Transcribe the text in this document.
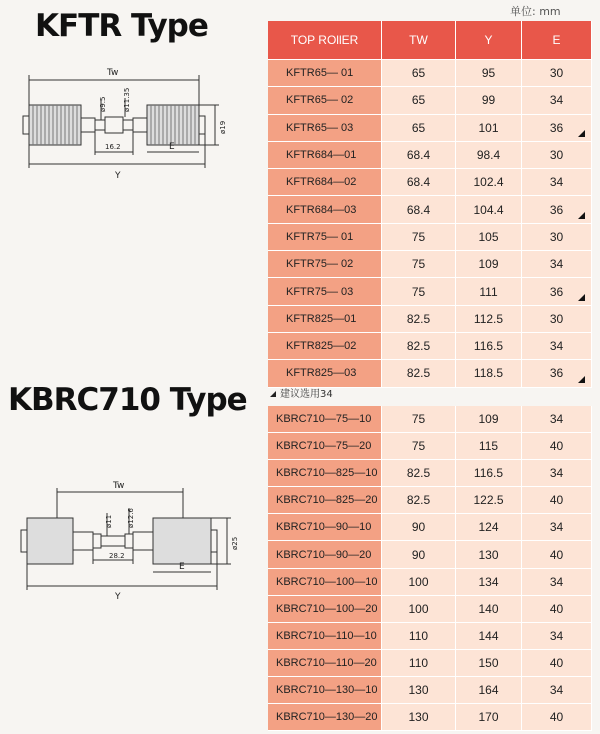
单位: mm
KFTR Type
Tw
ø9.5 ø11.35
ø19
16.2	E
Y
TOP ROllER	TW	Y	E
KFTR65— 01	65	95	30
KFTR65— 02	65	99	34
KFTR65— 03	65	101	36

KFTR684—01	68.4	98.4	30
KFTR684—02	68.4	102.4	34
KFTR684—03	68.4	104.4	36

KFTR75— 01	75	105	30
KFTR75— 02	75	109	34
KFTR75— 03	75	111	36

KFTR825—01	82.5	112.5	30
KFTR825—02	82.5	116.5	34
KFTR825—03	82.5	118.5	36
建议选用34
KBRC710 Type
Tw
ø11 ø12.6
ø25
28.2
E
Y
KBRC710—75—10	75	109	34
KBRC710—75—20	75	115	40
KBRC710—825—10	82.5	116.5	34
KBRC710—825—20	82.5	122.5	40
KBRC710—90—10	90	124	34
KBRC710—90—20	90	130	40
KBRC710—100—10	100	134	34
KBRC710—100—20	100	140	40
KBRC710—110—10	110	144	34
KBRC710—110—20	110	150	40
KBRC710—130—10	130	164	34
KBRC710—130—20	130	170	40
